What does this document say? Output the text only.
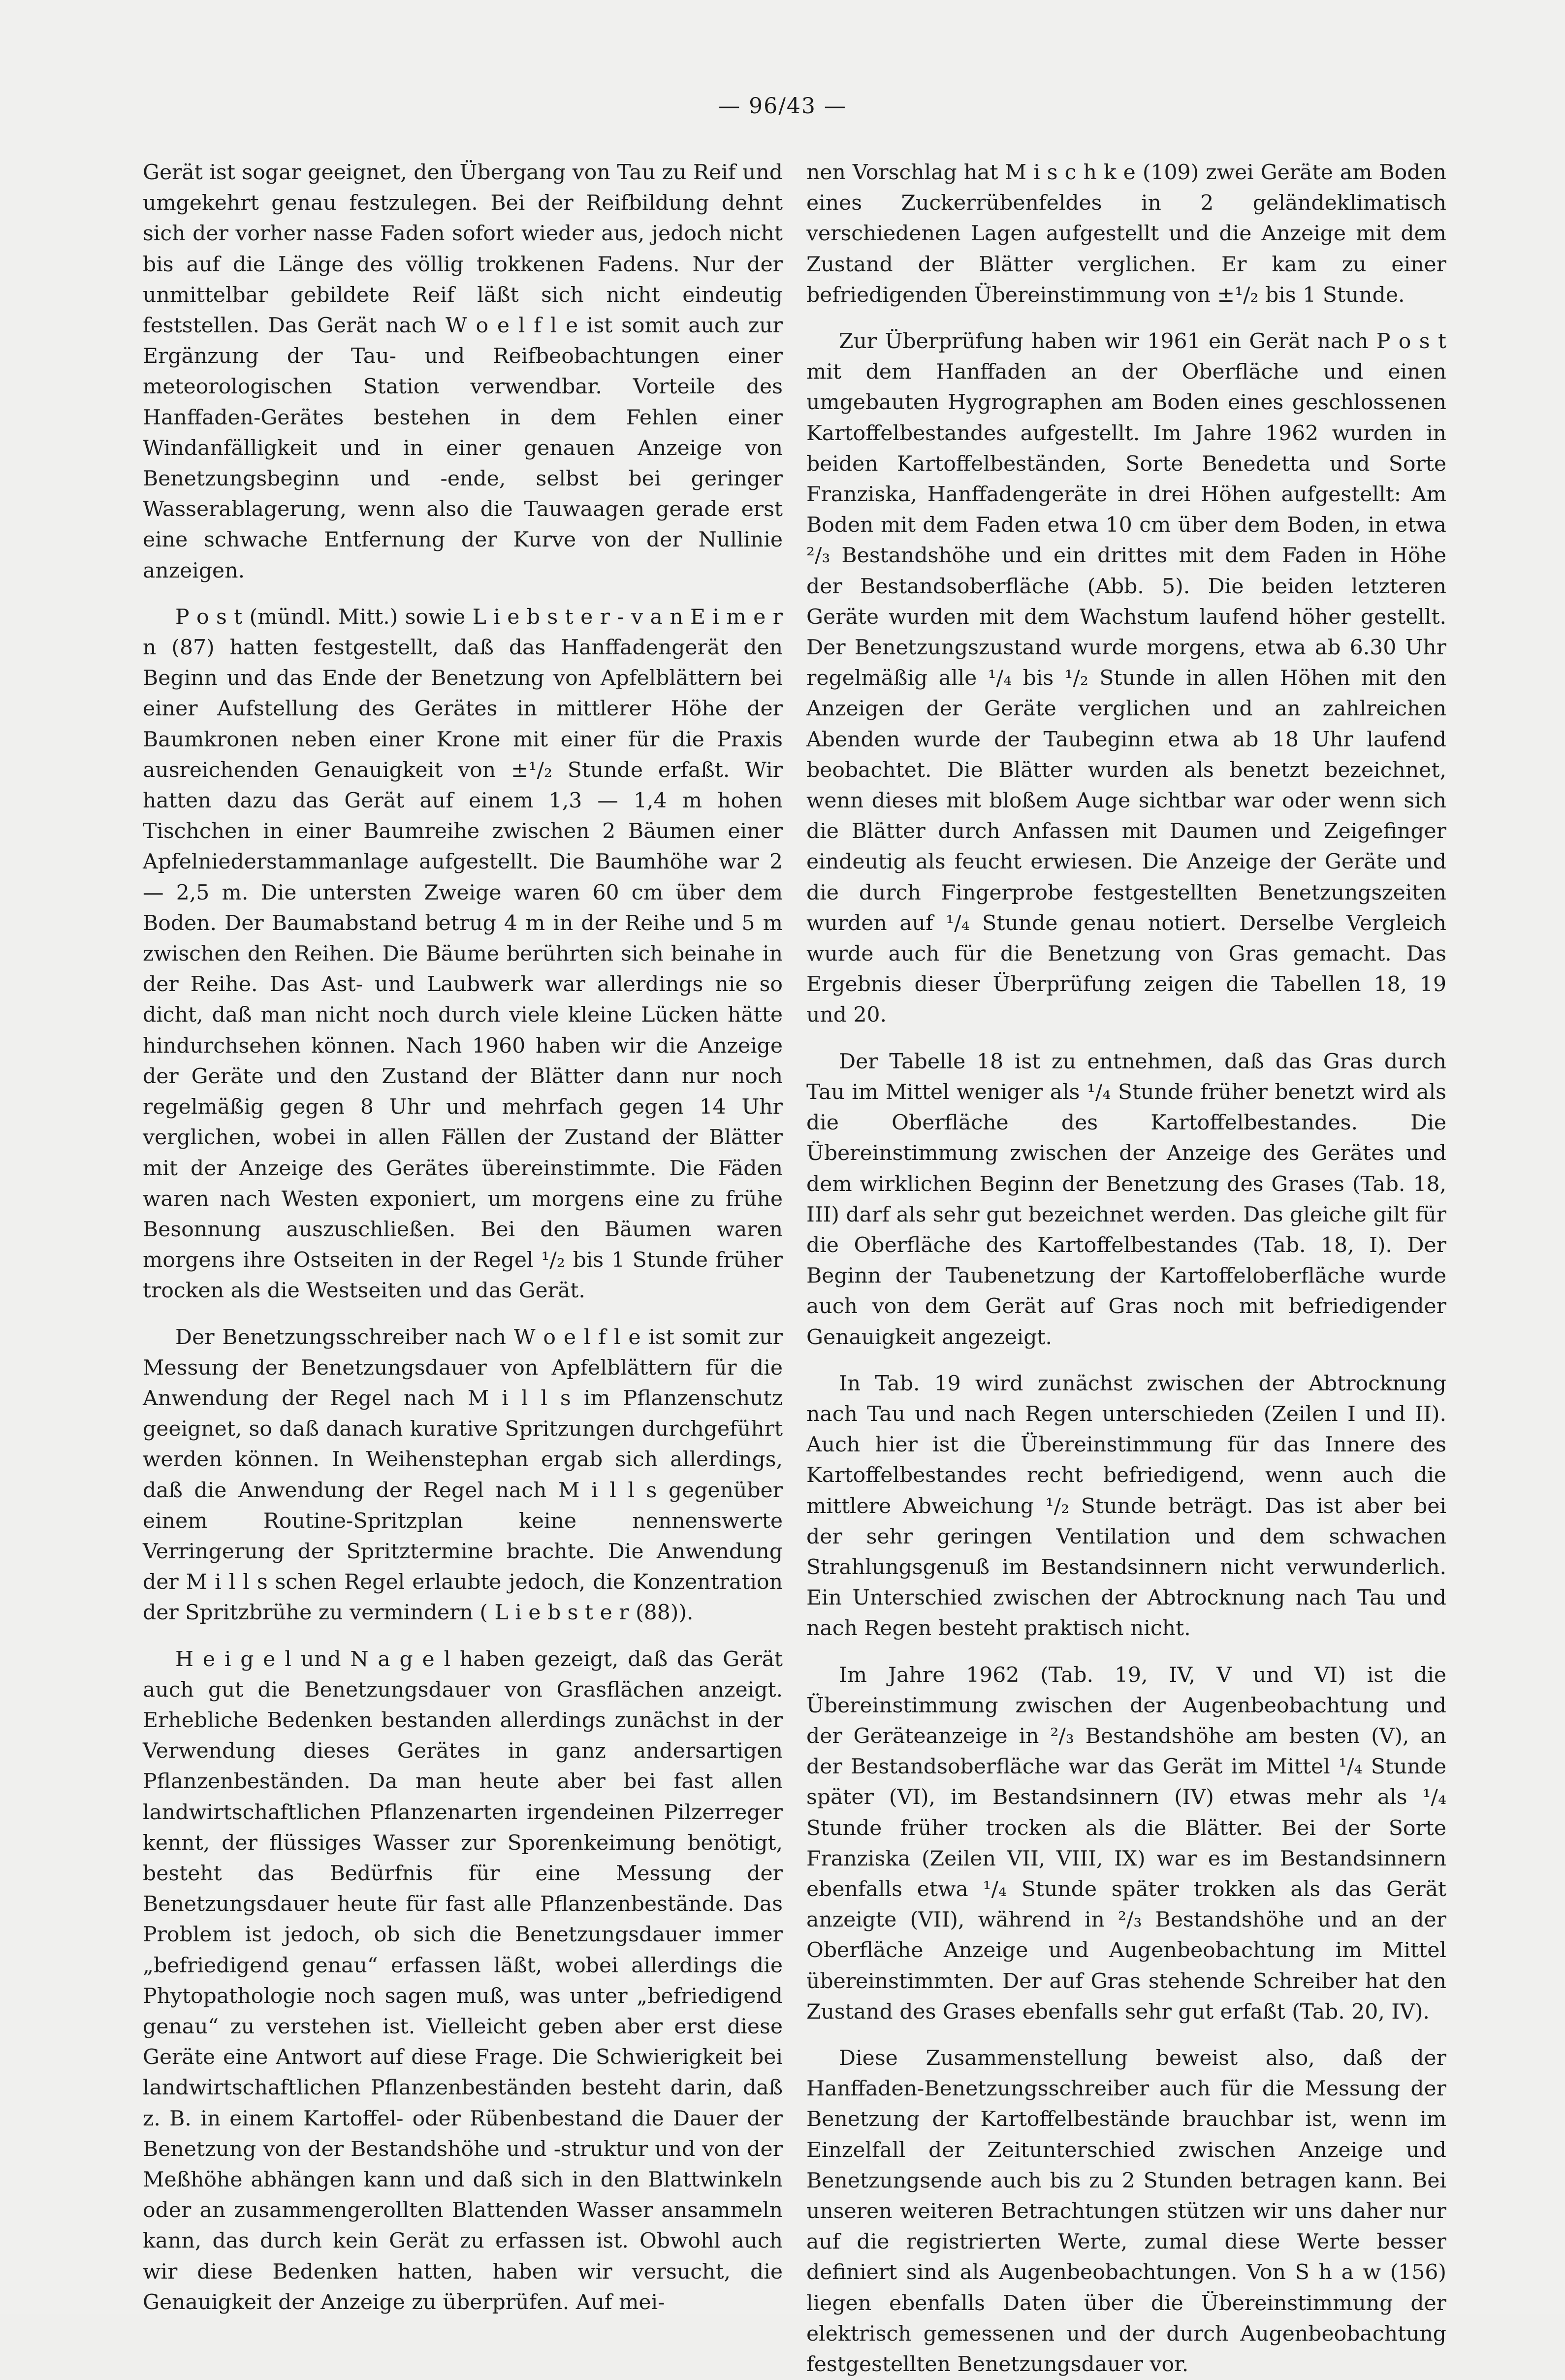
— 96/43 —

Gerät ist sogar geeignet, den Übergang von Tau zu Reif und umgekehrt genau festzulegen. Bei der Reifbildung dehnt sich der vorher nasse Faden sofort wieder aus, jedoch nicht bis auf die Länge des völlig trokkenen Fadens. Nur der unmittelbar gebildete Reif läßt sich nicht eindeutig feststellen. Das Gerät nach W o e l f l e ist somit auch zur Ergänzung der Tau- und Reifbeobachtungen einer meteorologischen Station verwendbar. Vorteile des Hanffaden-Gerätes bestehen in dem Fehlen einer Windanfälligkeit und in einer genauen Anzeige von Benetzungsbeginn und -ende, selbst bei geringer Wasserablagerung, wenn also die Tauwaagen gerade erst eine schwache Entfernung der Kurve von der Nullinie anzeigen.

P o s t (mündl. Mitt.) sowie L i e b s t e r - v a n E i m e r n (87) hatten festgestellt, daß das Hanffadengerät den Beginn und das Ende der Benetzung von Apfelblättern bei einer Aufstellung des Gerätes in mittlerer Höhe der Baumkronen neben einer Krone mit einer für die Praxis ausreichenden Genauigkeit von ±¹/₂ Stunde erfaßt. Wir hatten dazu das Gerät auf einem 1,3 — 1,4 m hohen Tischchen in einer Baumreihe zwischen 2 Bäumen einer Apfelniederstammanlage aufgestellt. Die Baumhöhe war 2 — 2,5 m. Die untersten Zweige waren 60 cm über dem Boden. Der Baumabstand betrug 4 m in der Reihe und 5 m zwischen den Reihen. Die Bäume berührten sich beinahe in der Reihe. Das Ast- und Laubwerk war allerdings nie so dicht, daß man nicht noch durch viele kleine Lücken hätte hindurchsehen können. Nach 1960 haben wir die Anzeige der Geräte und den Zustand der Blätter dann nur noch regelmäßig gegen 8 Uhr und mehrfach gegen 14 Uhr verglichen, wobei in allen Fällen der Zustand der Blätter mit der Anzeige des Gerätes übereinstimmte. Die Fäden waren nach Westen exponiert, um morgens eine zu frühe Besonnung auszuschließen. Bei den Bäumen waren morgens ihre Ostseiten in der Regel ¹/₂ bis 1 Stunde früher trocken als die Westseiten und das Gerät.

Der Benetzungsschreiber nach W o e l f l e ist somit zur Messung der Benetzungsdauer von Apfelblättern für die Anwendung der Regel nach M i l l s im Pflanzenschutz geeignet, so daß danach kurative Spritzungen durchgeführt werden können. In Weihenstephan ergab sich allerdings, daß die Anwendung der Regel nach M i l l s gegenüber einem Routine-Spritzplan keine nennenswerte Verringerung der Spritztermine brachte. Die Anwendung der M i l l s schen Regel erlaubte jedoch, die Konzentration der Spritzbrühe zu vermindern ( L i e b s t e r (88)).

H e i g e l und N a g e l haben gezeigt, daß das Gerät auch gut die Benetzungsdauer von Grasflächen anzeigt. Erhebliche Bedenken bestanden allerdings zunächst in der Verwendung dieses Gerätes in ganz andersartigen Pflanzenbeständen. Da man heute aber bei fast allen landwirtschaftlichen Pflanzenarten irgendeinen Pilzerreger kennt, der flüssiges Wasser zur Sporenkeimung benötigt, besteht das Bedürfnis für eine Messung der Benetzungsdauer heute für fast alle Pflanzenbestände. Das Problem ist jedoch, ob sich die Benetzungsdauer immer „befriedigend genau“ erfassen läßt, wobei allerdings die Phytopathologie noch sagen muß, was unter „befriedigend genau“ zu verstehen ist. Vielleicht geben aber erst diese Geräte eine Antwort auf diese Frage. Die Schwierigkeit bei landwirtschaftlichen Pflanzenbeständen besteht darin, daß z. B. in einem Kartoffel- oder Rübenbestand die Dauer der Benetzung von der Bestandshöhe und -struktur und von der Meßhöhe abhängen kann und daß sich in den Blattwinkeln oder an zusammengerollten Blattenden Wasser ansammeln kann, das durch kein Gerät zu erfassen ist. Obwohl auch wir diese Bedenken hatten, haben wir versucht, die Genauigkeit der Anzeige zu überprüfen. Auf mei-

nen Vorschlag hat M i s c h k e (109) zwei Geräte am Boden eines Zuckerrübenfeldes in 2 geländeklimatisch verschiedenen Lagen aufgestellt und die Anzeige mit dem Zustand der Blätter verglichen. Er kam zu einer befriedigenden Übereinstimmung von ±¹/₂ bis 1 Stunde.

Zur Überprüfung haben wir 1961 ein Gerät nach P o s t mit dem Hanffaden an der Oberfläche und einen umgebauten Hygrographen am Boden eines geschlossenen Kartoffelbestandes aufgestellt. Im Jahre 1962 wurden in beiden Kartoffelbeständen, Sorte Benedetta und Sorte Franziska, Hanffadengeräte in drei Höhen aufgestellt: Am Boden mit dem Faden etwa 10 cm über dem Boden, in etwa ²/₃ Bestandshöhe und ein drittes mit dem Faden in Höhe der Bestandsoberfläche (Abb. 5). Die beiden letzteren Geräte wurden mit dem Wachstum laufend höher gestellt. Der Benetzungszustand wurde morgens, etwa ab 6.30 Uhr regelmäßig alle ¹/₄ bis ¹/₂ Stunde in allen Höhen mit den Anzeigen der Geräte verglichen und an zahlreichen Abenden wurde der Taubeginn etwa ab 18 Uhr laufend beobachtet. Die Blätter wurden als benetzt bezeichnet, wenn dieses mit bloßem Auge sichtbar war oder wenn sich die Blätter durch Anfassen mit Daumen und Zeigefinger eindeutig als feucht erwiesen. Die Anzeige der Geräte und die durch Fingerprobe festgestellten Benetzungszeiten wurden auf ¹/₄ Stunde genau notiert. Derselbe Vergleich wurde auch für die Benetzung von Gras gemacht. Das Ergebnis dieser Überprüfung zeigen die Tabellen 18, 19 und 20.

Der Tabelle 18 ist zu entnehmen, daß das Gras durch Tau im Mittel weniger als ¹/₄ Stunde früher benetzt wird als die Oberfläche des Kartoffelbestandes. Die Übereinstimmung zwischen der Anzeige des Gerätes und dem wirklichen Beginn der Benetzung des Grases (Tab. 18, III) darf als sehr gut bezeichnet werden. Das gleiche gilt für die Oberfläche des Kartoffelbestandes (Tab. 18, I). Der Beginn der Taubenetzung der Kartoffeloberfläche wurde auch von dem Gerät auf Gras noch mit befriedigender Genauigkeit angezeigt.

In Tab. 19 wird zunächst zwischen der Abtrocknung nach Tau und nach Regen unterschieden (Zeilen I und II). Auch hier ist die Übereinstimmung für das Innere des Kartoffelbestandes recht befriedigend, wenn auch die mittlere Abweichung ¹/₂ Stunde beträgt. Das ist aber bei der sehr geringen Ventilation und dem schwachen Strahlungsgenuß im Bestandsinnern nicht verwunderlich. Ein Unterschied zwischen der Abtrocknung nach Tau und nach Regen besteht praktisch nicht.

Im Jahre 1962 (Tab. 19, IV, V und VI) ist die Übereinstimmung zwischen der Augenbeobachtung und der Geräteanzeige in ²/₃ Bestandshöhe am besten (V), an der Bestandsoberfläche war das Gerät im Mittel ¹/₄ Stunde später (VI), im Bestandsinnern (IV) etwas mehr als ¹/₄ Stunde früher trocken als die Blätter. Bei der Sorte Franziska (Zeilen VII, VIII, IX) war es im Bestandsinnern ebenfalls etwa ¹/₄ Stunde später trokken als das Gerät anzeigte (VII), während in ²/₃ Bestandshöhe und an der Oberfläche Anzeige und Augenbeobachtung im Mittel übereinstimmten. Der auf Gras stehende Schreiber hat den Zustand des Grases ebenfalls sehr gut erfaßt (Tab. 20, IV).

Diese Zusammenstellung beweist also, daß der Hanffaden-Benetzungsschreiber auch für die Messung der Benetzung der Kartoffelbestände brauchbar ist, wenn im Einzelfall der Zeitunterschied zwischen Anzeige und Benetzungsende auch bis zu 2 Stunden betragen kann. Bei unseren weiteren Betrachtungen stützen wir uns daher nur auf die registrierten Werte, zumal diese Werte besser definiert sind als Augenbeobachtungen. Von S h a w (156) liegen ebenfalls Daten über die Übereinstimmung der elektrisch gemessenen und der durch Augenbeobachtung festgestellten Benetzungsdauer vor.
